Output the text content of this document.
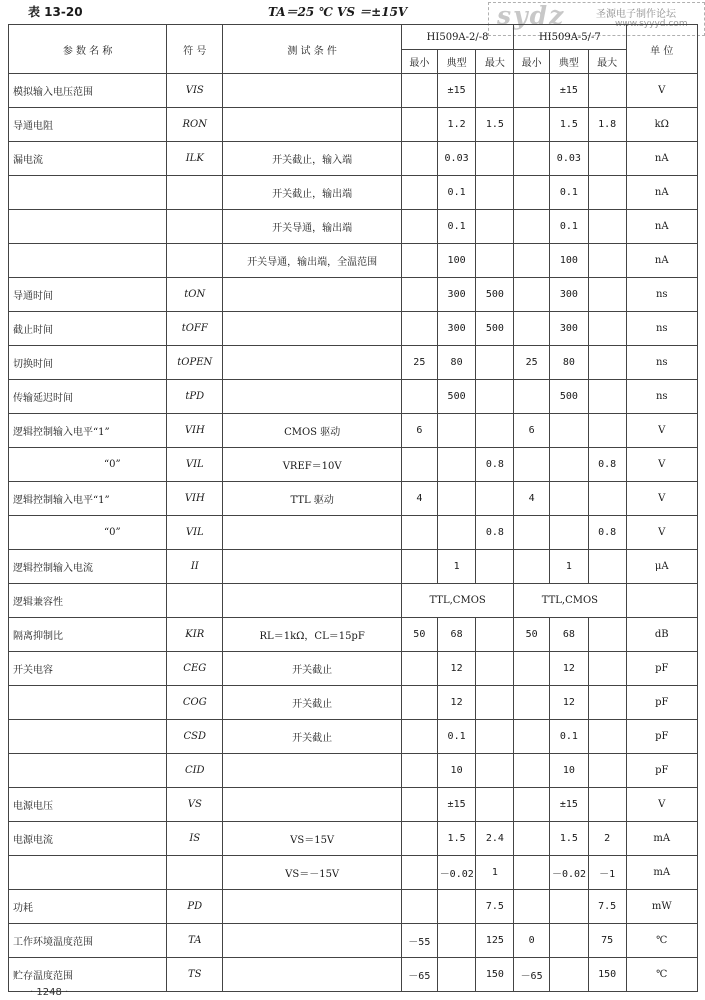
表 13-20	TA＝25 ℃ VS ＝±15V	sydz	圣源电子制作论坛
www.syyyd.com
参 数 名 称	符 号	测 试 条 件	HI509A-2/-8			HI509A-5/-7			单 位
			最小	典型	最大	最小	典型	最大	
模拟输入电压范围	VIS			±15			±15		V
导通电阻	RON			1.2	1.5		1.5	1.8	kΩ
漏电流	ILK	开关截止，输入端		0.03			0.03		nA
		开关截止，输出端		0.1			0.1		nA
		开关导通，输出端		0.1			0.1		nA
		开关导通，输出端，全温范围		100			100		nA
导通时间	tON			300	500		300		ns
截止时间	tOFF			300	500		300		ns
切换时间	tOPEN		25	80		25	80		ns
传输延迟时间	tPD			500			500		ns
逻辑控制输入电平“1”	VIH	CMOS 驱动	6			6			V
“0”	VIL	VREF＝10V			0.8			0.8	V
逻辑控制输入电平“1”	VIH	TTL 驱动	4			4			V
“0”	VIL				0.8			0.8	V
逻辑控制输入电流	II			1			1		μA
逻辑兼容性			TTL,CMOS			TTL,CMOS			
隔离抑制比	KIR	RL＝1kΩ，CL＝15pF	50	68		50	68		dB
开关电容	CEG	开关截止		12			12		pF
	COG	开关截止		12			12		pF
	CSD	开关截止		0.1			0.1		pF
	CID			10			10		pF
电源电压	VS			±15			±15		V
电源电流	IS	VS＝15V		1.5	2.4		1.5	2	mA
		VS＝－15V		－0.02	1		－0.02	－1	mA
功耗	PD				7.5			7.5	mW
工作环境温度范围	TA		－55		125	0		75	℃
贮存温度范围	TS		－65		150	－65		150	℃
· 1248 ·
